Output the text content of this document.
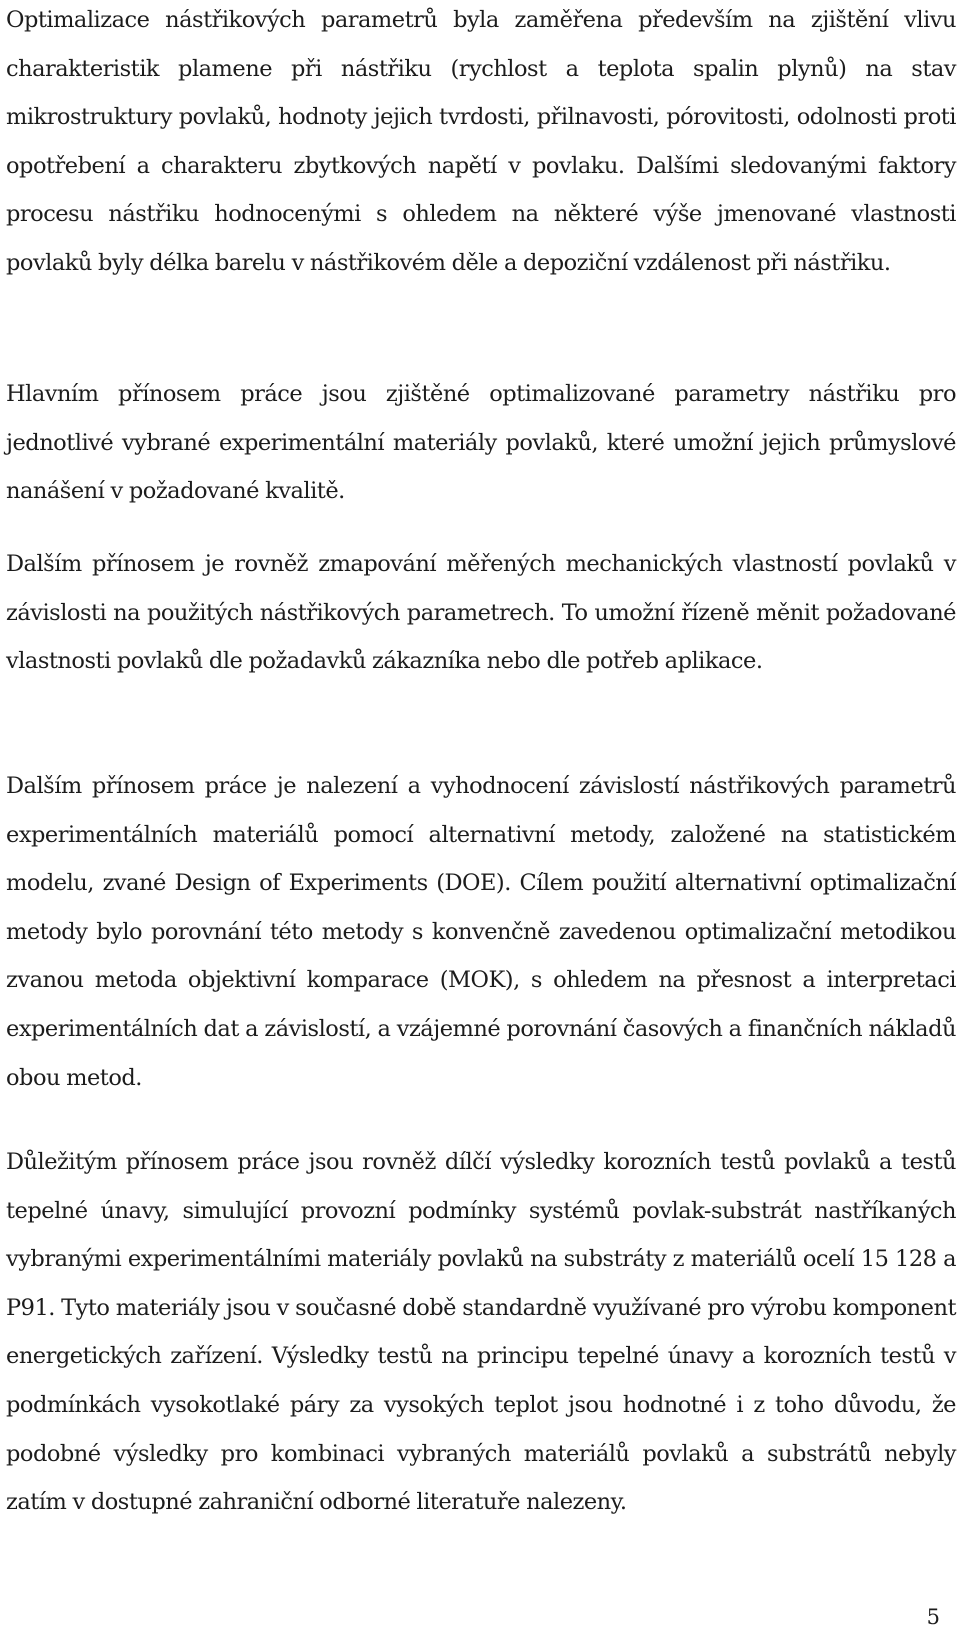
Optimalizace nástřikových parametrů byla zaměřena především na zjištění vlivu charakteristik plamene při nástřiku (rychlost a teplota spalin plynů) na stav mikrostruktury povlaků, hodnoty jejich tvrdosti, přilnavosti, pórovitosti, odolnosti proti opotřebení a charakteru zbytkových napětí v povlaku. Dalšími sledovanými faktory procesu nástřiku hodnocenými s ohledem na některé výše jmenované vlastnosti povlaků byly délka barelu v nástřikovém děle a depoziční vzdálenost při nástřiku.

Hlavním přínosem práce jsou zjištěné optimalizované parametry nástřiku pro jednotlivé vybrané experimentální materiály povlaků, které umožní jejich průmyslové nanášení v požadované kvalitě.

Dalším přínosem je rovněž zmapování měřených mechanických vlastností povlaků v závislosti na použitých nástřikových parametrech. To umožní řízeně měnit požadované vlastnosti povlaků dle požadavků zákazníka nebo dle potřeb aplikace.

Dalším přínosem práce je nalezení a vyhodnocení závislostí nástřikových parametrů experimentálních materiálů pomocí alternativní metody, založené na statistickém modelu, zvané Design of Experiments (DOE). Cílem použití alternativní optimalizační metody bylo porovnání této metody s konvenčně zavedenou optimalizační metodikou zvanou metoda objektivní komparace (MOK), s ohledem na přesnost a interpretaci experimentálních dat a závislostí, a vzájemné porovnání časových a finančních nákladů obou metod.

Důležitým přínosem práce jsou rovněž dílčí výsledky korozních testů povlaků a testů tepelné únavy, simulující provozní podmínky systémů povlak-substrát nastříkaných vybranými experimentálními materiály povlaků na substráty z materiálů ocelí 15 128 a P91. Tyto materiály jsou v současné době standardně využívané pro výrobu komponent energetických zařízení. Výsledky testů na principu tepelné únavy a korozních testů v podmínkách vysokotlaké páry za vysokých teplot jsou hodnotné i z toho důvodu, že podobné výsledky pro kombinaci vybraných materiálů povlaků a substrátů nebyly zatím v dostupné zahraniční odborné literatuře nalezeny.

5
